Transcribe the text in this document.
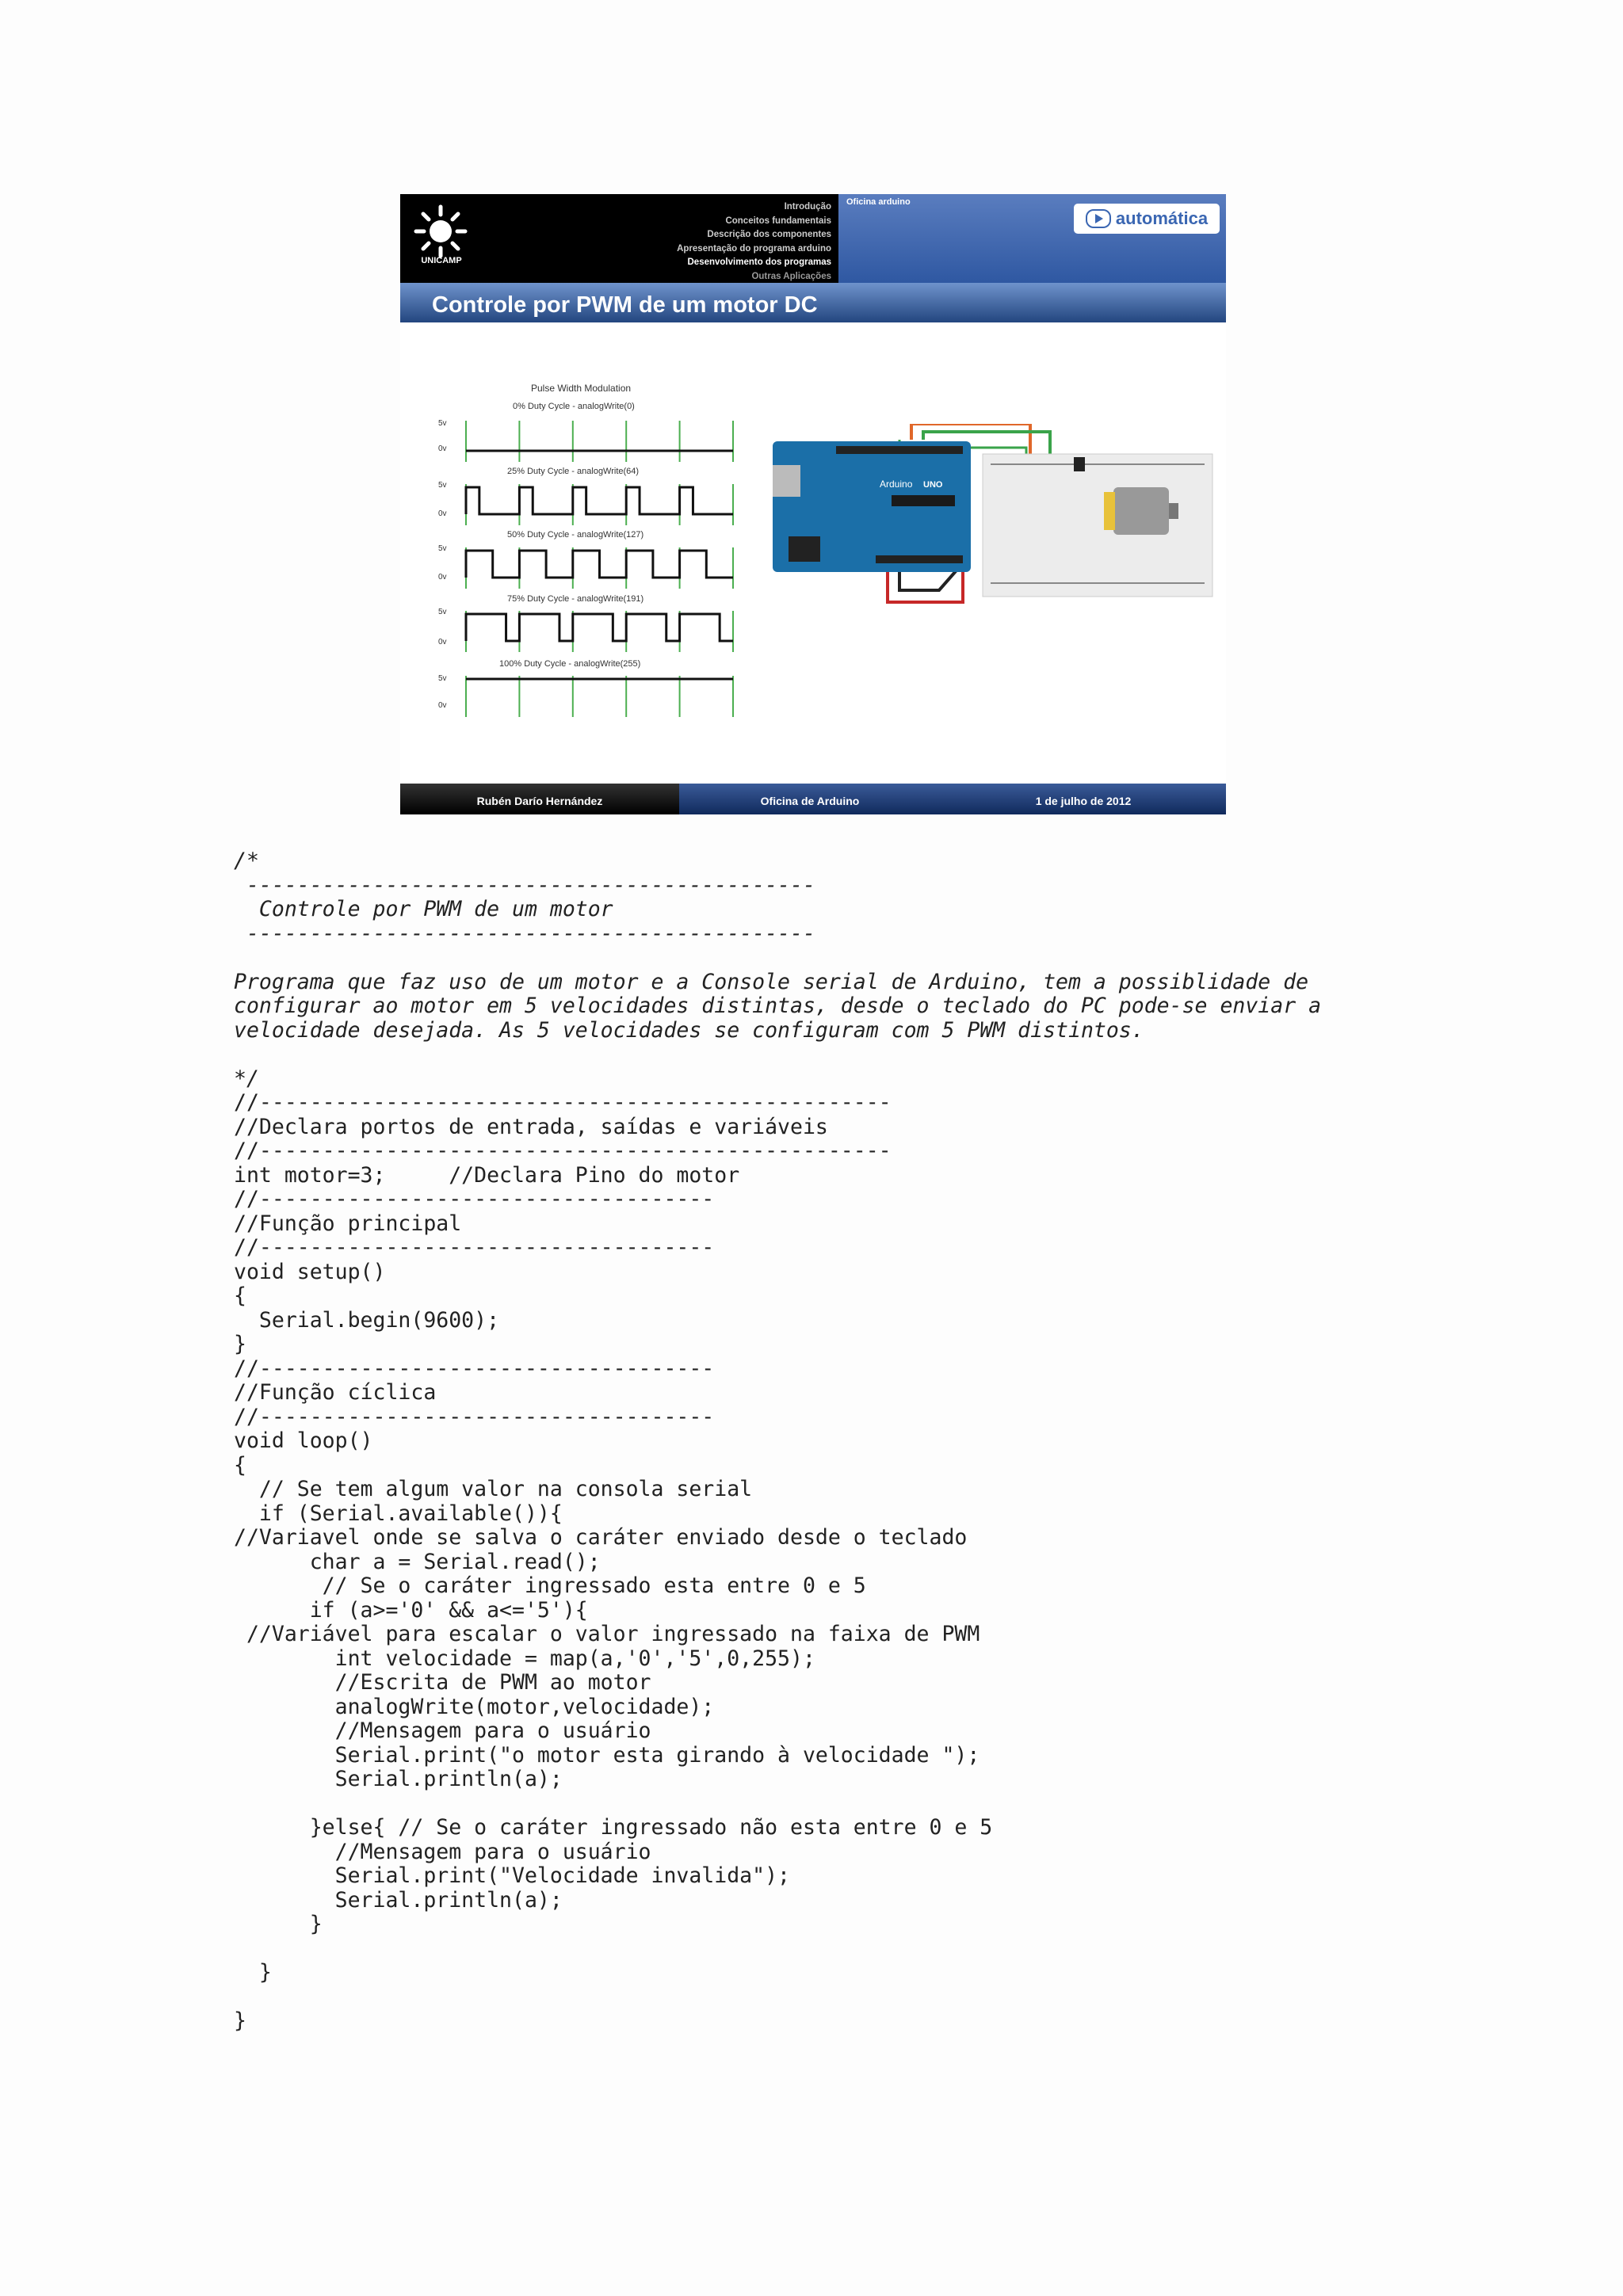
UNICAMP
Introdução
Conceitos fundamentais
Descrição dos componentes
Apresentação do programa arduino
Desenvolvimento dos programas
Outras Aplicações
Oficina arduino
automática
Controle por PWM de um motor DC
Pulse Width Modulation
0% Duty Cycle - analogWrite(0)
25% Duty Cycle - analogWrite(64)
50% Duty Cycle - analogWrite(127)
75% Duty Cycle - analogWrite(191)
100% Duty Cycle - analogWrite(255)
5v
0v
5v
0v
5v
0v
5v
0v
5v
0v
Arduino UNO
Rubén Darío Hernández	Oficina de Arduino	1 de julho de 2012
/*
---------------------------------------------
Controle por PWM de um motor
---------------------------------------------

Programa que faz uso de um motor e a Console serial de Arduino, tem a possiblidade de
configurar ao motor em 5 velocidades distintas, desde o teclado do PC pode-se enviar a
velocidade desejada. As 5 velocidades se configuram com 5 PWM distintos.

*/
//--------------------------------------------------
//Declara portos de entrada, saídas e variáveis
//--------------------------------------------------
int motor=3;     //Declara Pino do motor
//------------------------------------
//Função principal
//------------------------------------
void setup()
{
Serial.begin(9600);
}
//------------------------------------
//Função cíclica
//------------------------------------
void loop()
{
// Se tem algum valor na consola serial
if (Serial.available()){
//Variavel onde se salva o caráter enviado desde o teclado
char a = Serial.read();
// Se o caráter ingressado esta entre 0 e 5
if (a>='0' && a<='5'){
//Variável para escalar o valor ingressado na faixa de PWM
int velocidade = map(a,'0','5',0,255);
//Escrita de PWM ao motor
analogWrite(motor,velocidade);
//Mensagem para o usuário
Serial.print("o motor esta girando à velocidade ");
Serial.println(a);

}else{ // Se o caráter ingressado não esta entre 0 e 5
//Mensagem para o usuário
Serial.print("Velocidade invalida");
Serial.println(a);
}

}

}
